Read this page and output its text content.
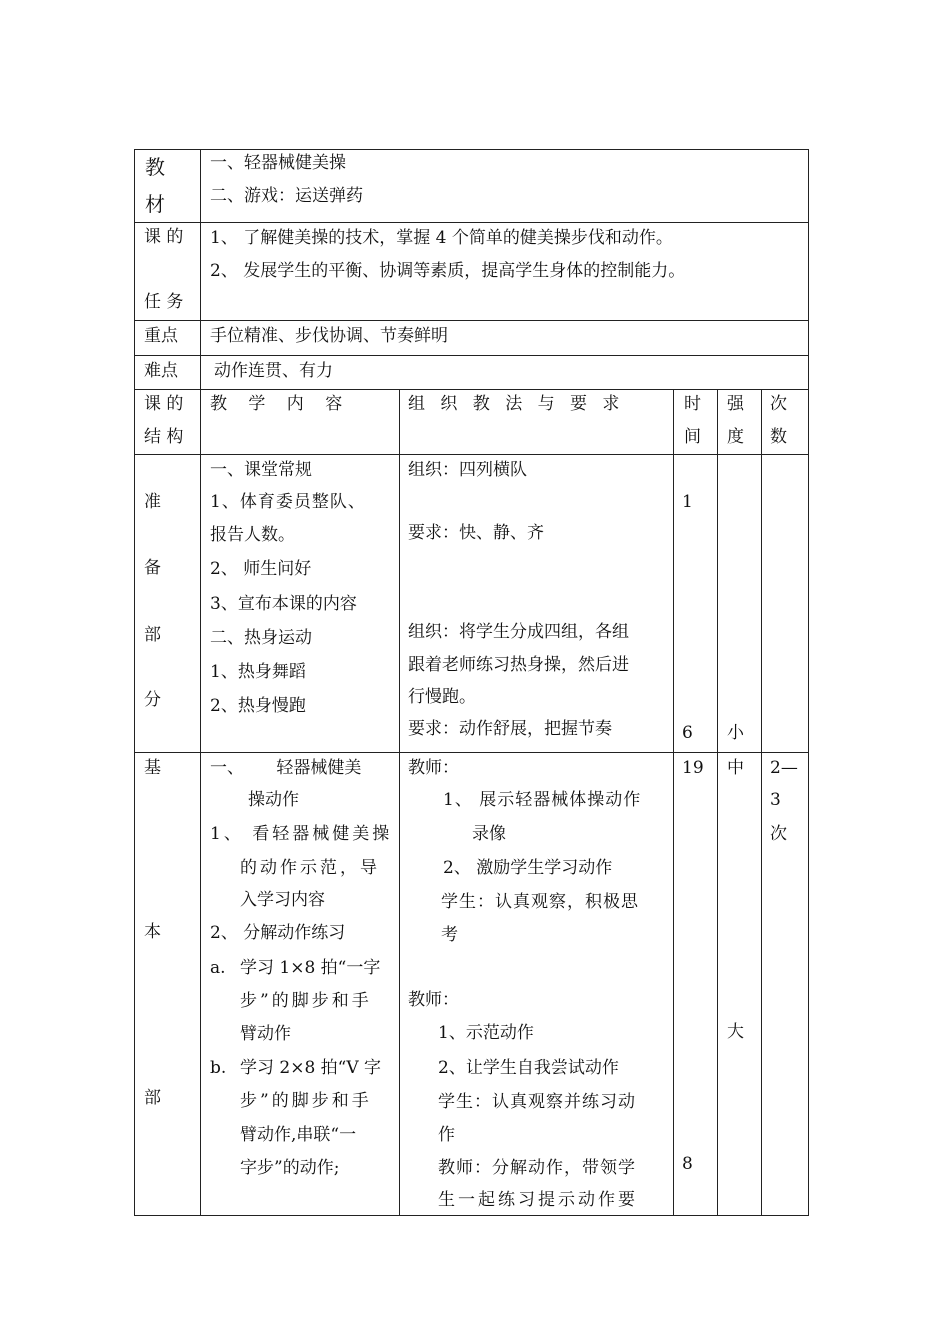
教
材
一、轻器械健美操
二、游戏：运送弹药
课 的
任 务
1、 了解健美操的技术，掌握 4 个简单的健美操步伐和动作。
2、 发展学生的平衡、协调等素质，提高学生身体的控制能力。
重点 手位精准、步伐协调、节奏鲜明
难点 动作连贯、有力
课 的
结 构
教 学 内 容	组 织 教 法 与 要 求	时
间
强
度
次
数
准
备
部
分
一、课堂常规
1、体育委员整队、
报告人数。
2、 师生问好
3、宣布本课的内容
二、热身运动
1、热身舞蹈
2、热身慢跑
组织：四列横队
要求：快、静、齐
组织：将学生分成四组，各组
跟着老师练习热身操，然后进
行慢跑。
要求：动作舒展，把握节奏
1
6 小
基
本
部
一、      轻器械健美
操动作
1、 看轻器械健美操
的动作示范，导
入学习内容
2、 分解动作练习
a. 学习 1×8 拍“一字
步”的脚步和手
臂动作
b. 学习 2×8 拍“V 字
步”的脚步和手
臂动作,串联“一
字步”的动作;
教师：
1、 展示轻器械体操动作
录像
2、 激励学生学习动作
学生：认真观察，积极思
考
教师：
1、示范动作
2、让学生自我尝试动作
学生：认真观察并练习动
作
教师：分解动作，带领学
生一起练习提示动作要
19
8
中
大
2—
3
次
